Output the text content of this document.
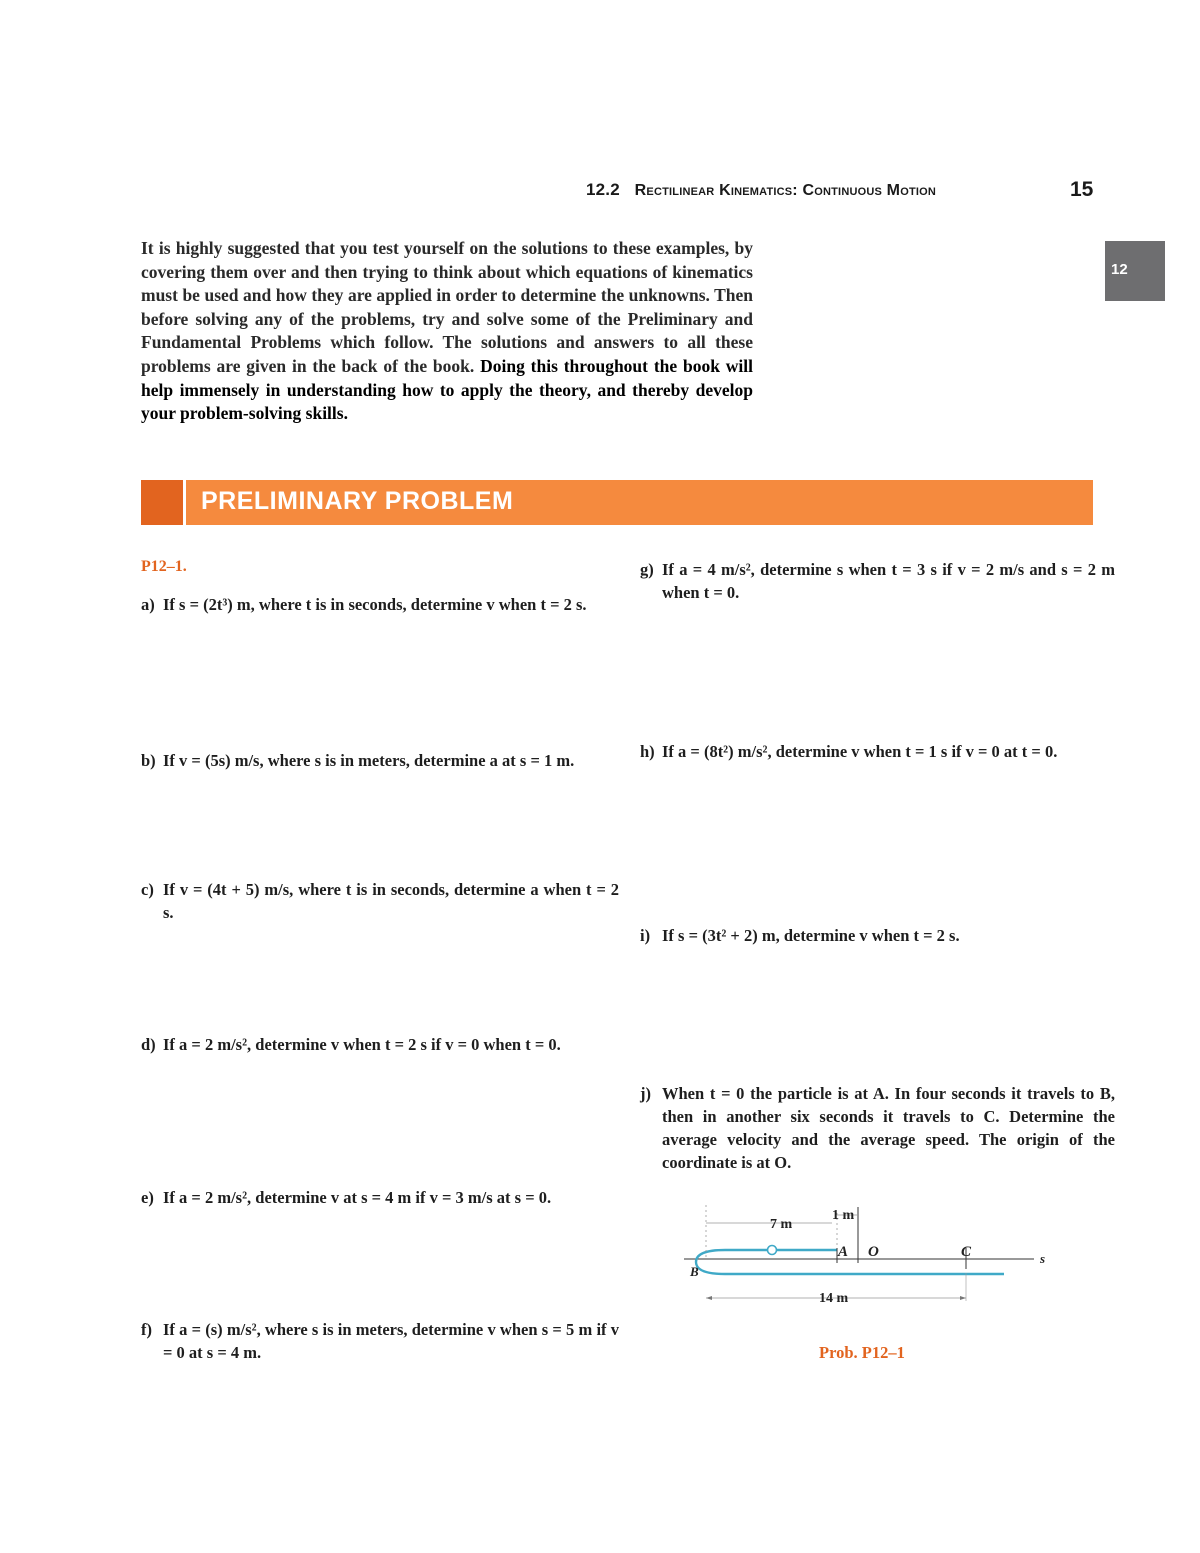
12.2 Rectilinear Kinematics: Continuous Motion	15
12
It is highly suggested that you test yourself on the solutions to these examples, by covering them over and then trying to think about which equations of kinematics must be used and how they are applied in order to determine the unknowns. Then before solving any of the problems, try and solve some of the Preliminary and Fundamental Problems which follow. The solutions and answers to all these problems are given in the back of the book. Doing this throughout the book will help immensely in understanding how to apply the theory, and thereby develop your problem-solving skills.
PRELIMINARY PROBLEM
P12–1.
a) If s = (2t³) m, where t is in seconds, determine v when t = 2 s.
b) If v = (5s) m/s, where s is in meters, determine a at s = 1 m.
c) If v = (4t + 5) m/s, where t is in seconds, determine a when t = 2 s.
d) If a = 2 m/s², determine v when t = 2 s if v = 0 when t = 0.
e) If a = 2 m/s², determine v at s = 4 m if v = 3 m/s at s = 0.
f) If a = (s) m/s², where s is in meters, determine v when s = 5 m if v = 0 at s = 4 m.
g) If a = 4 m/s², determine s when t = 3 s if v = 2 m/s and s = 2 m when t = 0.
h) If a = (8t²) m/s², determine v when t = 1 s if v = 0 at t = 0.
i) If s = (3t² + 2) m, determine v when t = 2 s.
j) When t = 0 the particle is at A. In four seconds it travels to B, then in another six seconds it travels to C. Determine the average velocity and the average speed. The origin of the coordinate is at O.
7 m
1 m
A O	C
B
s
14 m
Prob. P12–1
